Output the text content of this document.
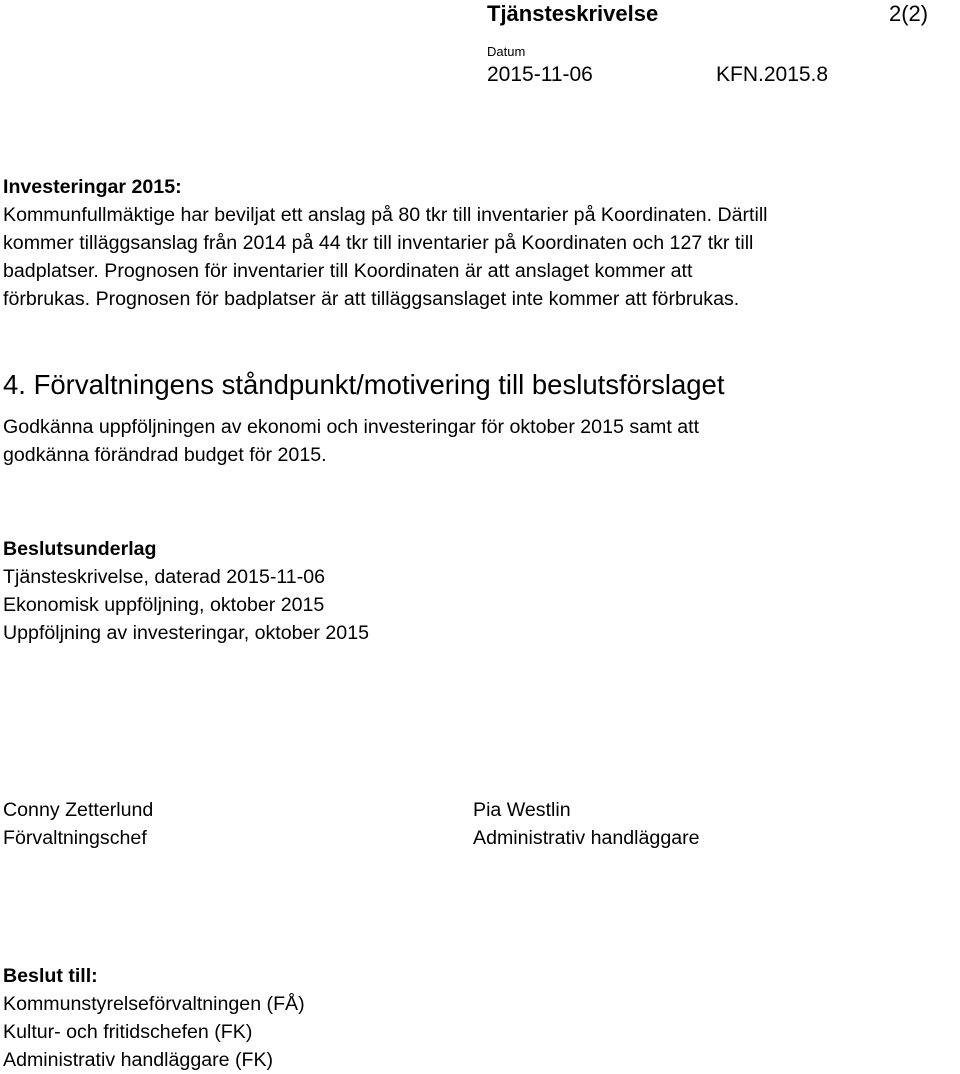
Tjänsteskrivelse	2(2)
Datum
2015-11-06	KFN.2015.8
Investeringar 2015:
Kommunfullmäktige har beviljat ett anslag på 80 tkr till inventarier på Koordinaten. Därtill
kommer tilläggsanslag från 2014 på 44 tkr till inventarier på Koordinaten och 127 tkr till
badplatser. Prognosen för inventarier till Koordinaten är att anslaget kommer att
förbrukas. Prognosen för badplatser är att tilläggsanslaget inte kommer att förbrukas.
4. Förvaltningens ståndpunkt/motivering till beslutsförslaget
Godkänna uppföljningen av ekonomi och investeringar för oktober 2015 samt att
godkänna förändrad budget för 2015.
Beslutsunderlag
Tjänsteskrivelse, daterad 2015-11-06
Ekonomisk uppföljning, oktober 2015
Uppföljning av investeringar, oktober 2015
Conny Zetterlund
Förvaltningschef
Pia Westlin
Administrativ handläggare
Beslut till:
Kommunstyrelseförvaltningen (FÅ)
Kultur- och fritidschefen (FK)
Administrativ handläggare (FK)
